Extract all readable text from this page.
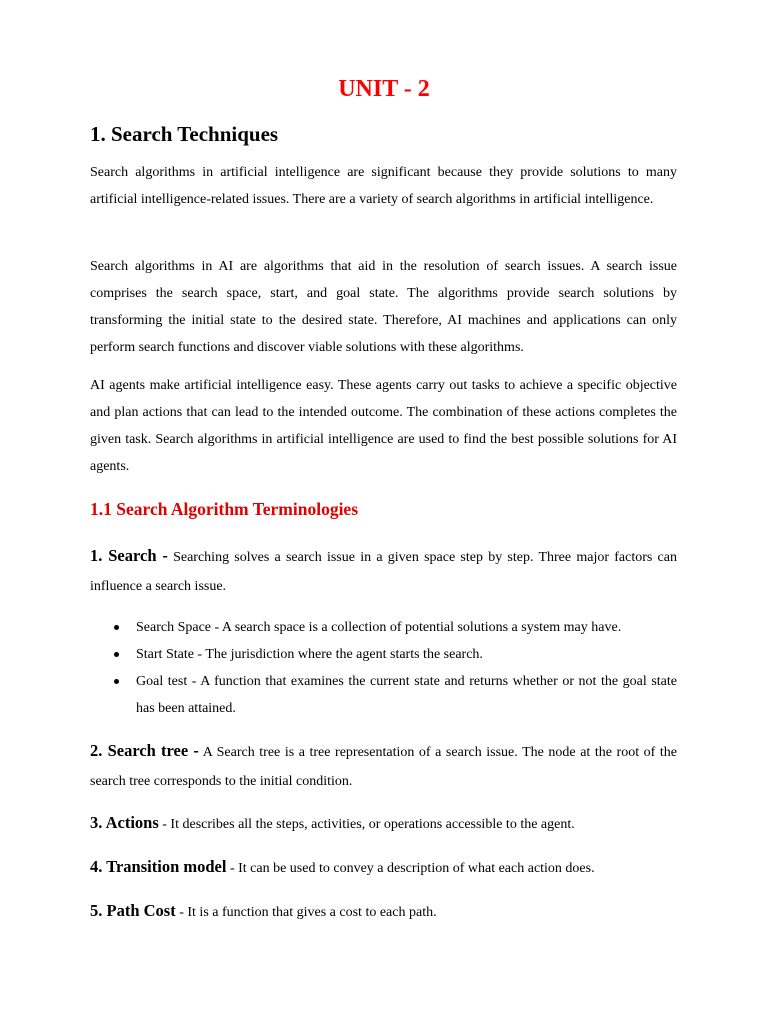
UNIT - 2
1. Search Techniques

Search algorithms in artificial intelligence are significant because they provide solutions to many artificial intelligence-related issues. There are a variety of search algorithms in artificial intelligence.

Search algorithms in AI are algorithms that aid in the resolution of search issues. A search issue comprises the search space, start, and goal state. The algorithms provide search solutions by transforming the initial state to the desired state. Therefore, AI machines and applications can only perform search functions and discover viable solutions with these algorithms.

AI agents make artificial intelligence easy. These agents carry out tasks to achieve a specific objective and plan actions that can lead to the intended outcome. The combination of these actions completes the given task. Search algorithms in artificial intelligence are used to find the best possible solutions for AI agents.

1.1 Search Algorithm Terminologies

1. Search - Searching solves a search issue in a given space step by step. Three major factors can influence a search issue.

Search Space - A search space is a collection of potential solutions a system may have.
Start State - The jurisdiction where the agent starts the search.
Goal test - A function that examines the current state and returns whether or not the goal state has been attained.

2. Search tree - A Search tree is a tree representation of a search issue. The node at the root of the search tree corresponds to the initial condition.

3. Actions - It describes all the steps, activities, or operations accessible to the agent.

4. Transition model - It can be used to convey a description of what each action does.

5. Path Cost - It is a function that gives a cost to each path.
